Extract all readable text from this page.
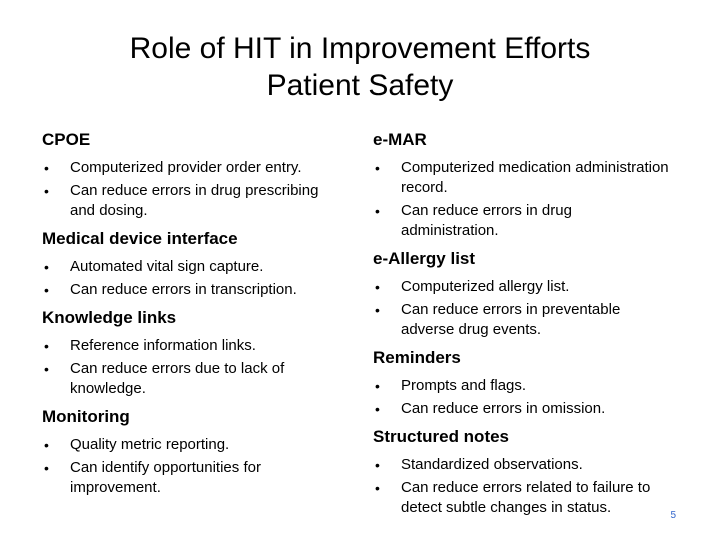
Role of HIT in Improvement Efforts
Patient Safety
CPOE
• Computerized provider order entry.
• Can reduce errors in drug prescribing and dosing.
Medical device interface
• Automated vital sign capture.
• Can reduce errors in transcription.
Knowledge links
• Reference information links.
• Can reduce errors due to lack of knowledge.
Monitoring
• Quality metric reporting.
• Can identify opportunities for improvement.
e-MAR
• Computerized medication administration record.
• Can reduce errors in drug administration.
e-Allergy list
• Computerized allergy list.
• Can reduce errors in preventable adverse drug events.
Reminders
• Prompts and flags.
• Can reduce errors in omission.
Structured notes
• Standardized observations.
• Can reduce errors related to failure to detect subtle changes in status.	5
